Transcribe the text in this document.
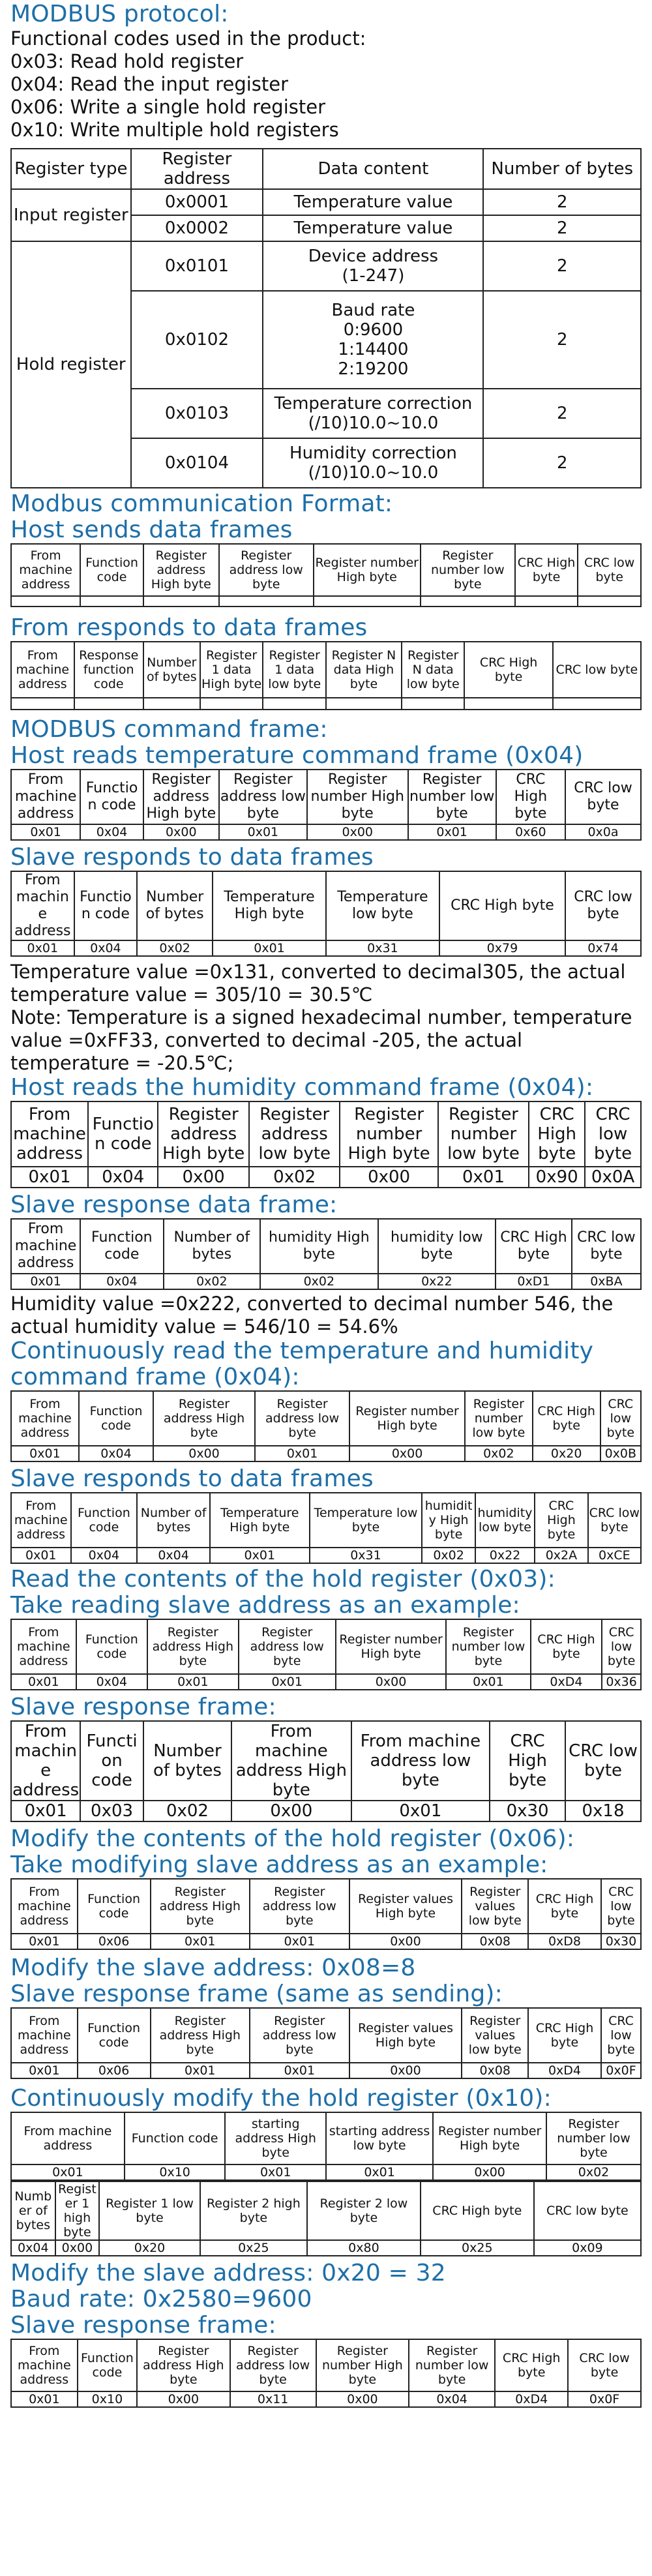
MODBUS protocol:
Functional codes used in the product:
0x03: Read hold register
0x04: Read the input register
0x06: Write a single hold register
0x10: Write multiple hold registers
Register type	Register address	Data content	Number of bytes
Input register	0x0001	Temperature value	2
	0x0002	Temperature value	2
Hold register	0x0101	Device address
(1-247)	2
	0x0102	Baud rate
0:9600
1:14400
2:19200	2
	0x0103	Temperature correction
(/10)10.0~10.0	2
	0x0104	Humidity correction
(/10)10.0~10.0	2
Modbus communication Format:
Host sends data frames
From machine address	Function code	Register address High byte	Register address low byte	Register number High byte	Register number low byte	CRC High byte	CRC low byte

From responds to data frames
From machine address	Response function code	Number of bytes	Register 1 data High byte	Register 1 data low byte	Register N data High byte	Register N data low byte	CRC High byte	CRC low byte

MODBUS command frame:
Host reads temperature command frame (0x04)
From machine address	Function code	Register address High byte	Register address low byte	Register number High byte	Register number low byte	CRC High byte	CRC low byte
0x01	0x04	0x00	0x01	0x00	0x01	0x60	0x0a
Slave responds to data frames
From machine address	Function code	Number of bytes	Temperature High byte	Temperature low byte	CRC High byte	CRC low byte
0x01	0x04	0x02	0x01	0x31	0x79	0x74
Temperature value =0x131, converted to decimal305, the actual temperature value = 305/10 = 30.5℃
Note: Temperature is a signed hexadecimal number, temperature value =0xFF33, converted to decimal -205, the actual temperature = -20.5℃;
Host reads the humidity command frame (0x04):
From machine address	Function code	Register address High byte	Register address low byte	Register number High byte	Register number low byte	CRC High byte	CRC low byte
0x01	0x04	0x00	0x02	0x00	0x01	0x90	0x0A
Slave response data frame:
From machine address	Function code	Number of bytes	humidity High byte	humidity low byte	CRC High byte	CRC low byte
0x01	0x04	0x02	0x02	0x22	0xD1	0xBA
Humidity value =0x222, converted to decimal number 546, the actual humidity value = 546/10 = 54.6%
Continuously read the temperature and humidity command frame (0x04):
From machine address	Function code	Register address High byte	Register address low byte	Register number High byte	Register number low byte	CRC High byte	CRC low byte
0x01	0x04	0x00	0x01	0x00	0x02	0x20	0x0B
Slave responds to data frames
From machine address	Function code	Number of bytes	Temperature High byte	Temperature low byte	humidity High byte	humidity low byte	CRC High byte	CRC low byte
0x01	0x04	0x04	0x01	0x31	0x02	0x22	0x2A	0xCE
Read the contents of the hold register (0x03):
Take reading slave address as an example:
From machine address	Function code	Register address High byte	Register address low byte	Register number High byte	Register number low byte	CRC High byte	CRC low byte
0x01	0x04	0x01	0x01	0x00	0x01	0xD4	0x36
Slave response frame:
From machine address	Function code	Number of bytes	From machine address High byte	From machine address low byte	CRC High byte	CRC low byte
0x01	0x03	0x02	0x00	0x01	0x30	0x18
Modify the contents of the hold register (0x06):
Take modifying slave address as an example:
From machine address	Function code	Register address High byte	Register address low byte	Register values High byte	Register values low byte	CRC High byte	CRC low byte
0x01	0x06	0x01	0x01	0x00	0x08	0xD8	0x30
Modify the slave address: 0x08=8
Slave response frame (same as sending):
From machine address	Function code	Register address High byte	Register address low byte	Register values High byte	Register values low byte	CRC High byte	CRC low byte
0x01	0x06	0x01	0x01	0x00	0x08	0xD4	0x0F
Continuously modify the hold register (0x10):
From machine address	Function code	starting address High byte	starting address low byte	Register number High byte	Register number low byte
0x01	0x10	0x01	0x01	0x00	0x02
Number of bytes	Register 1 high byte	Register 1 low byte	Register 2 high byte	Register 2 low byte	CRC High byte	CRC low byte
0x04	0x00	0x20	0x25	0x80	0x25	0x09
Modify the slave address: 0x20 = 32
Baud rate: 0x2580=9600
Slave response frame:
From machine address	Function code	Register address High byte	Register address low byte	Register number High byte	Register number low byte	CRC High byte	CRC low byte
0x01	0x10	0x00	0x11	0x00	0x04	0xD4	0x0F
